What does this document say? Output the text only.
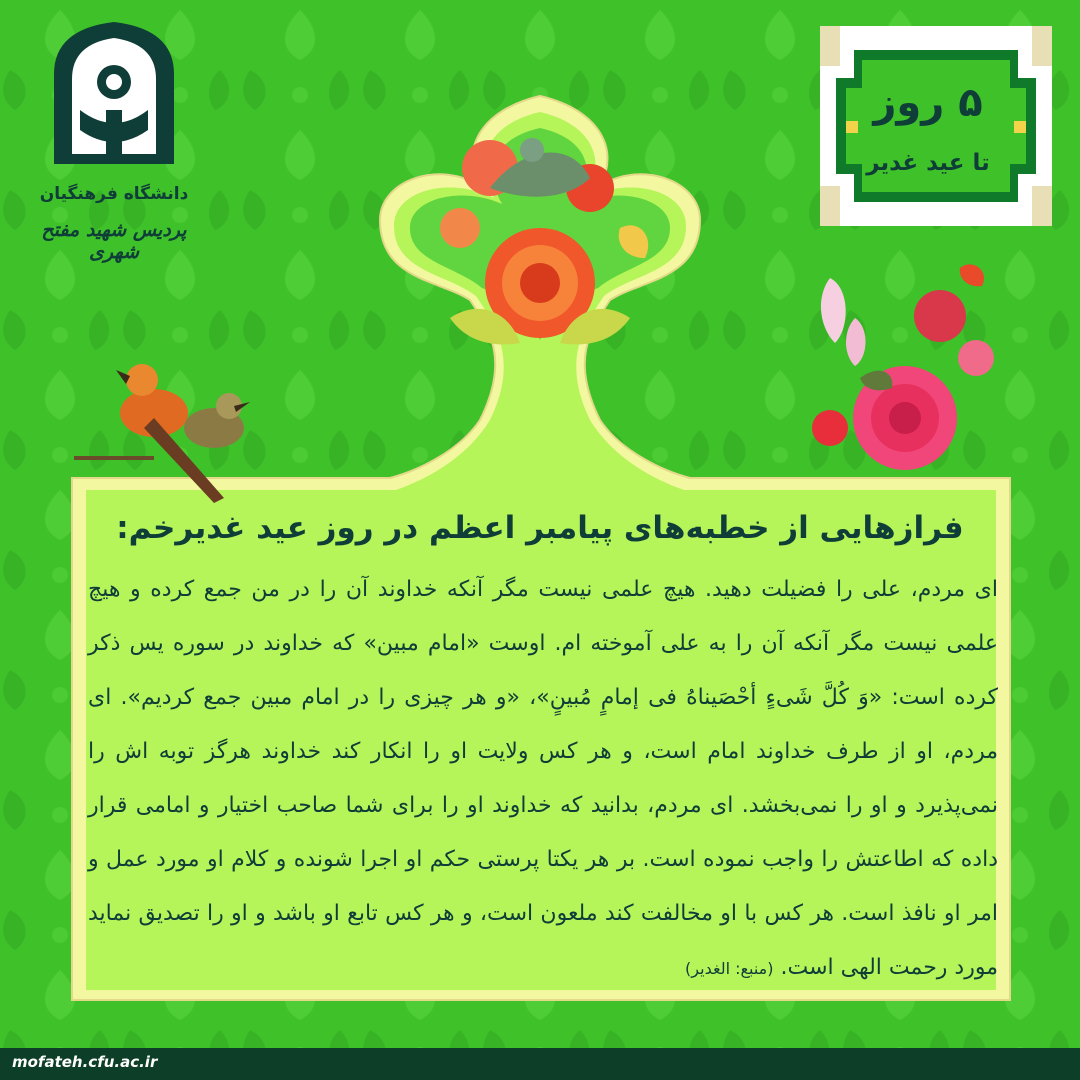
دانشگاه فرهنگیان
پردیس شهید مفتح شهری
۵ روز
تا عید غدیر
فرازهایی از خطبه‌های پیامبر اعظم در روز عید غدیرخم:
ای مردم، علی را فضیلت دهید. هیچ علمی نیست مگر آنکه خداوند آن را در من جمع کرده و هیچ علمی نیست مگر آنکه آن را به علی آموخته ام. اوست «امام مبین» که خداوند در سوره یس ذکر کرده است: «وَ کُلَّ شَیءٍ أحْصَیناهُ فی إمامٍ مُبینٍ»، «و هر چیزی را در امام مبین جمع کردیم». ای مردم، او از طرف خداوند امام است، و هر کس ولایت او را انکار کند خداوند هرگز توبه اش را نمی‌پذیرد و او را نمی‌بخشد. ای مردم، بدانید که خداوند او را برای شما صاحب اختیار و امامی قرار داده که اطاعتش را واجب نموده است. بر هر یکتا پرستی حکم او اجرا شونده و کلام او مورد عمل و امر او نافذ است. هر کس با او مخالفت کند ملعون است، و هر کس تابع او باشد و او را تصدیق نماید مورد رحمت الهی است. (منبع: الغدیر)
mofateh.cfu.ac.ir
